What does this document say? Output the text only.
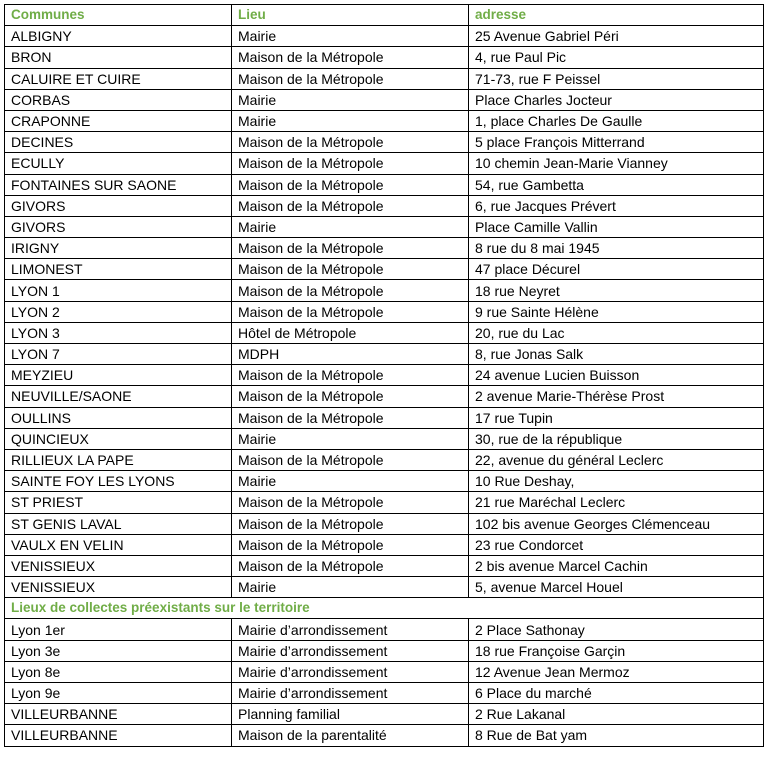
Communes	Lieu	adresse
ALBIGNY	Mairie	25 Avenue Gabriel Péri
BRON	Maison de la Métropole	4, rue Paul Pic
CALUIRE ET CUIRE	Maison de la Métropole	71-73, rue F Peissel
CORBAS	Mairie	Place Charles Jocteur
CRAPONNE	Mairie	1, place Charles De Gaulle
DECINES	Maison de la Métropole	5 place François Mitterrand
ECULLY	Maison de la Métropole	10 chemin Jean-Marie Vianney
FONTAINES SUR SAONE	Maison de la Métropole	54, rue Gambetta
GIVORS	Maison de la Métropole	6, rue Jacques Prévert
GIVORS	Mairie	Place Camille Vallin
IRIGNY	Maison de la Métropole	8 rue du 8 mai 1945
LIMONEST	Maison de la Métropole	47 place Décurel
LYON 1	Maison de la Métropole	18 rue Neyret
LYON 2	Maison de la Métropole	9 rue Sainte Hélène
LYON 3	Hôtel de Métropole	20, rue du Lac
LYON 7	MDPH	8, rue Jonas Salk
MEYZIEU	Maison de la Métropole	24 avenue Lucien Buisson
NEUVILLE/SAONE	Maison de la Métropole	2 avenue Marie-Thérèse Prost
OULLINS	Maison de la Métropole	17 rue Tupin
QUINCIEUX	Mairie	30, rue de la république
RILLIEUX LA PAPE	Maison de la Métropole	22, avenue du général Leclerc
SAINTE FOY LES LYONS	Mairie	10 Rue Deshay,
ST PRIEST	Maison de la Métropole	21 rue Maréchal Leclerc
ST GENIS LAVAL	Maison de la Métropole	102 bis avenue Georges Clémenceau
VAULX EN VELIN	Maison de la Métropole	23 rue Condorcet
VENISSIEUX	Maison de la Métropole	2 bis avenue Marcel Cachin
VENISSIEUX	Mairie	5, avenue Marcel Houel
Lieux de collectes préexistants sur le territoire		
Lyon 1er	Mairie d’arrondissement	2 Place Sathonay
Lyon 3e	Mairie d’arrondissement	18 rue Françoise Garçin
Lyon 8e	Mairie d’arrondissement	12 Avenue Jean Mermoz
Lyon 9e	Mairie d’arrondissement	6 Place du marché
VILLEURBANNE	Planning familial	2 Rue Lakanal
VILLEURBANNE	Maison de la parentalité	8 Rue de Bat yam
